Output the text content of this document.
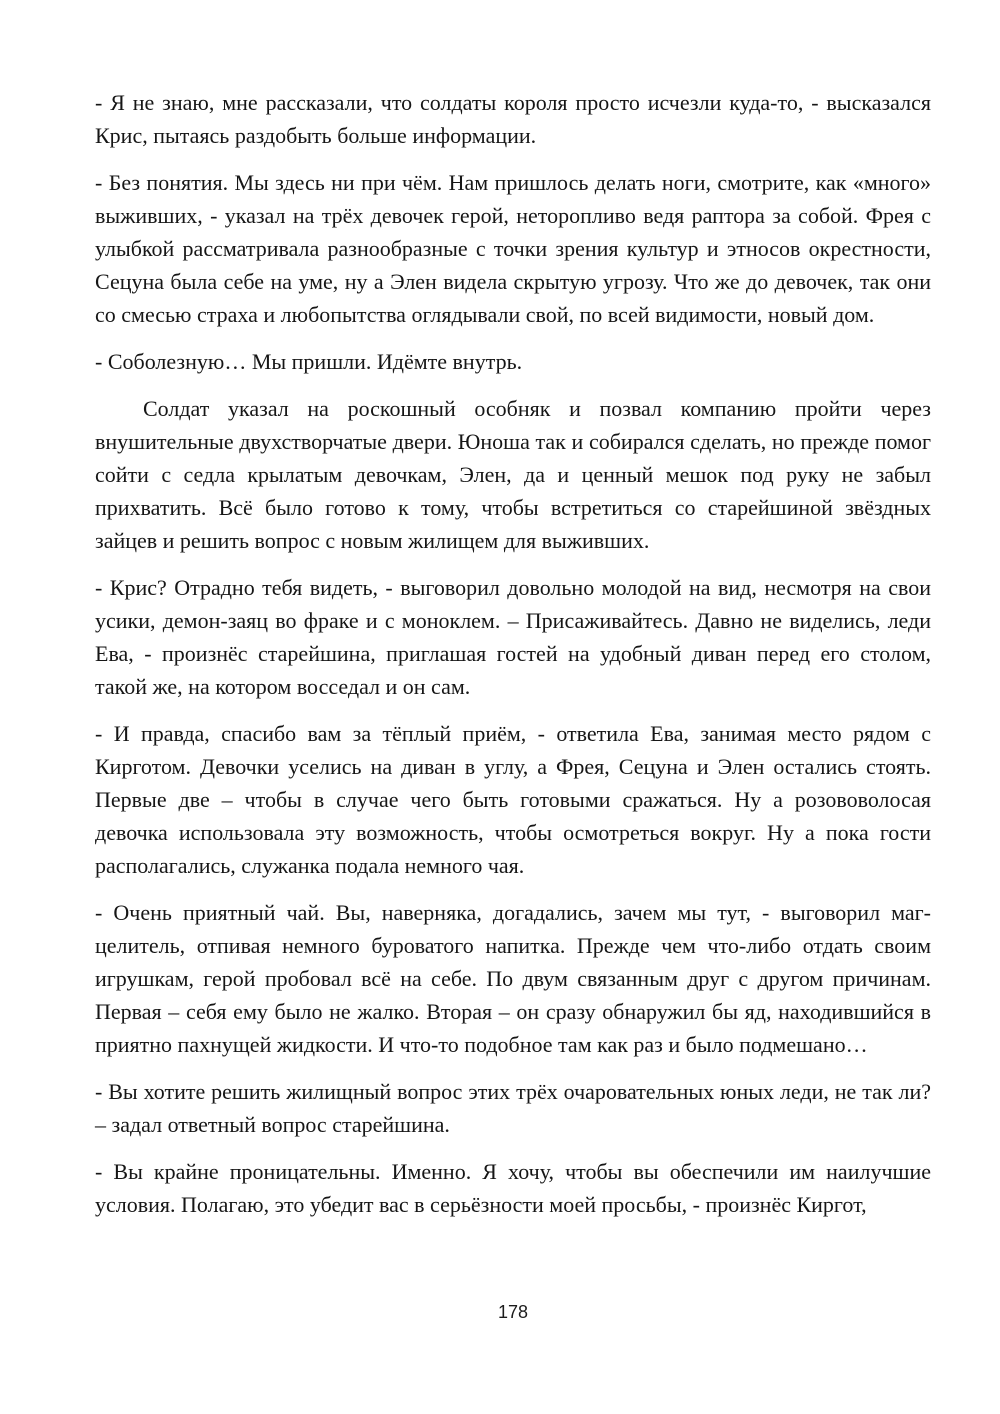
- Я не знаю, мне рассказали, что солдаты короля просто исчезли куда-то, - высказался Крис, пытаясь раздобыть больше информации.

- Без понятия. Мы здесь ни при чём. Нам пришлось делать ноги, смотрите, как «много» выживших, - указал на трёх девочек герой, неторопливо ведя раптора за собой. Фрея с улыбкой рассматривала разнообразные с точки зрения культур и этносов окрестности, Сецуна была себе на уме, ну а Элен видела скрытую угрозу. Что же до девочек, так они со смесью страха и любопытства оглядывали свой, по всей видимости, новый дом.

- Соболезную… Мы пришли. Идёмте внутрь.

Солдат указал на роскошный особняк и позвал компанию пройти через внушительные двухстворчатые двери. Юноша так и собирался сделать, но прежде помог сойти с седла крылатым девочкам, Элен, да и ценный мешок под руку не забыл прихватить. Всё было готово к тому, чтобы встретиться со старейшиной звёздных зайцев и решить вопрос с новым жилищем для выживших.

- Крис? Отрадно тебя видеть, - выговорил довольно молодой на вид, несмотря на свои усики, демон-заяц во фраке и с моноклем. – Присаживайтесь. Давно не виделись, леди Ева, - произнёс старейшина, приглашая гостей на удобный диван перед его столом, такой же, на котором восседал и он сам.

- И правда, спасибо вам за тёплый приём, - ответила Ева, занимая место рядом с Кирготом. Девочки уселись на диван в углу, а Фрея, Сецуна и Элен остались стоять. Первые две – чтобы в случае чего быть готовыми сражаться. Ну а розововолосая девочка использовала эту возможность, чтобы осмотреться вокруг. Ну а пока гости располагались, служанка подала немного чая.

- Очень приятный чай. Вы, наверняка, догадались, зачем мы тут, - выговорил маг-целитель, отпивая немного буроватого напитка. Прежде чем что-либо отдать своим игрушкам, герой пробовал всё на себе. По двум связанным друг с другом причинам. Первая – себя ему было не жалко. Вторая – он сразу обнаружил бы яд, находившийся в приятно пахнущей жидкости. И что-то подобное там как раз и было подмешано…

- Вы хотите решить жилищный вопрос этих трёх очаровательных юных леди, не так ли? – задал ответный вопрос старейшина.

- Вы крайне проницательны. Именно. Я хочу, чтобы вы обеспечили им наилучшие условия. Полагаю, это убедит вас в серьёзности моей просьбы, - произнёс Киргот,

178
